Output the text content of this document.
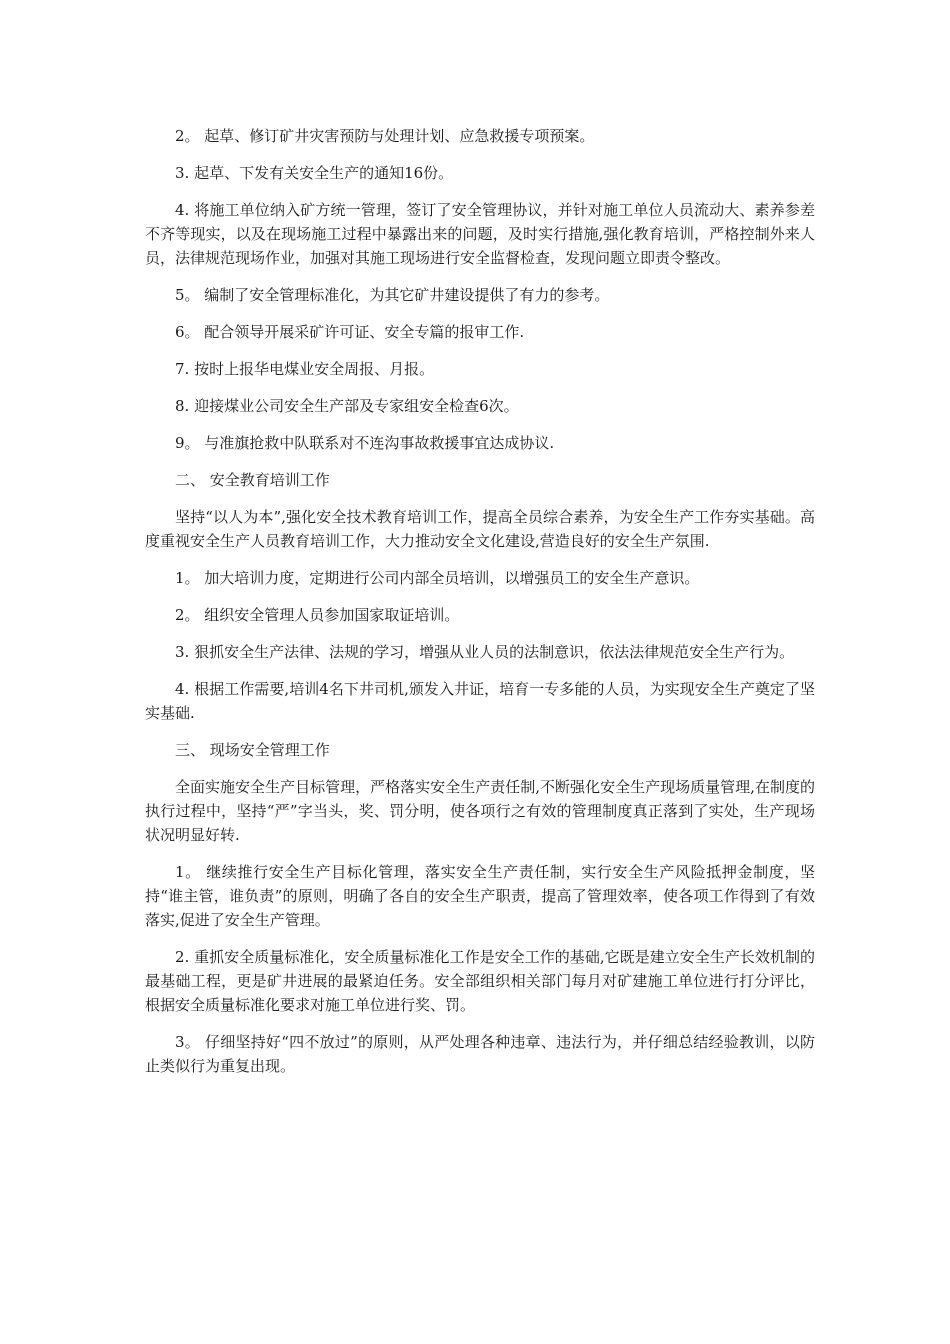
2。 起草、修订矿井灾害预防与处理计划、应急救援专项预案。

3. 起草、下发有关安全生产的通知16份。

4. 将施工单位纳入矿方统一管理，签订了安全管理协议，并针对施工单位人员流动大、素养参差不齐等现实，以及在现场施工过程中暴露出来的问题，及时实行措施,强化教育培训，严格控制外来人员，法律规范现场作业，加强对其施工现场进行安全监督检查，发现问题立即责令整改。

5。 编制了安全管理标准化，为其它矿井建设提供了有力的参考。

6。 配合领导开展采矿许可证、安全专篇的报审工作.

7. 按时上报华电煤业安全周报、月报。

8. 迎接煤业公司安全生产部及专家组安全检查6次。

9。 与准旗抢救中队联系对不连沟事故救援事宜达成协议.

二、 安全教育培训工作

坚持“以人为本”,强化安全技术教育培训工作，提高全员综合素养，为安全生产工作夯实基础。高度重视安全生产人员教育培训工作，大力推动安全文化建设,营造良好的安全生产氛围.

1。 加大培训力度，定期进行公司内部全员培训，以增强员工的安全生产意识。

2。 组织安全管理人员参加国家取证培训。

3. 狠抓安全生产法律、法规的学习，增强从业人员的法制意识，依法法律规范安全生产行为。

4. 根据工作需要,培训4名下井司机,颁发入井证，培育一专多能的人员，为实现安全生产奠定了坚实基础.

三、 现场安全管理工作

全面实施安全生产目标管理，严格落实安全生产责任制,不断强化安全生产现场质量管理,在制度的执行过程中，坚持“严”字当头，奖、罚分明，使各项行之有效的管理制度真正落到了实处，生产现场状况明显好转.

1。 继续推行安全生产目标化管理，落实安全生产责任制，实行安全生产风险抵押金制度，坚持“谁主管，谁负责”的原则，明确了各自的安全生产职责，提高了管理效率，使各项工作得到了有效落实,促进了安全生产管理。

2. 重抓安全质量标准化，安全质量标准化工作是安全工作的基础,它既是建立安全生产长效机制的最基础工程，更是矿井进展的最紧迫任务。安全部组织相关部门每月对矿建施工单位进行打分评比，根据安全质量标准化要求对施工单位进行奖、罚。

3。 仔细坚持好“四不放过”的原则，从严处理各种违章、违法行为，并仔细总结经验教训，以防止类似行为重复出现。
